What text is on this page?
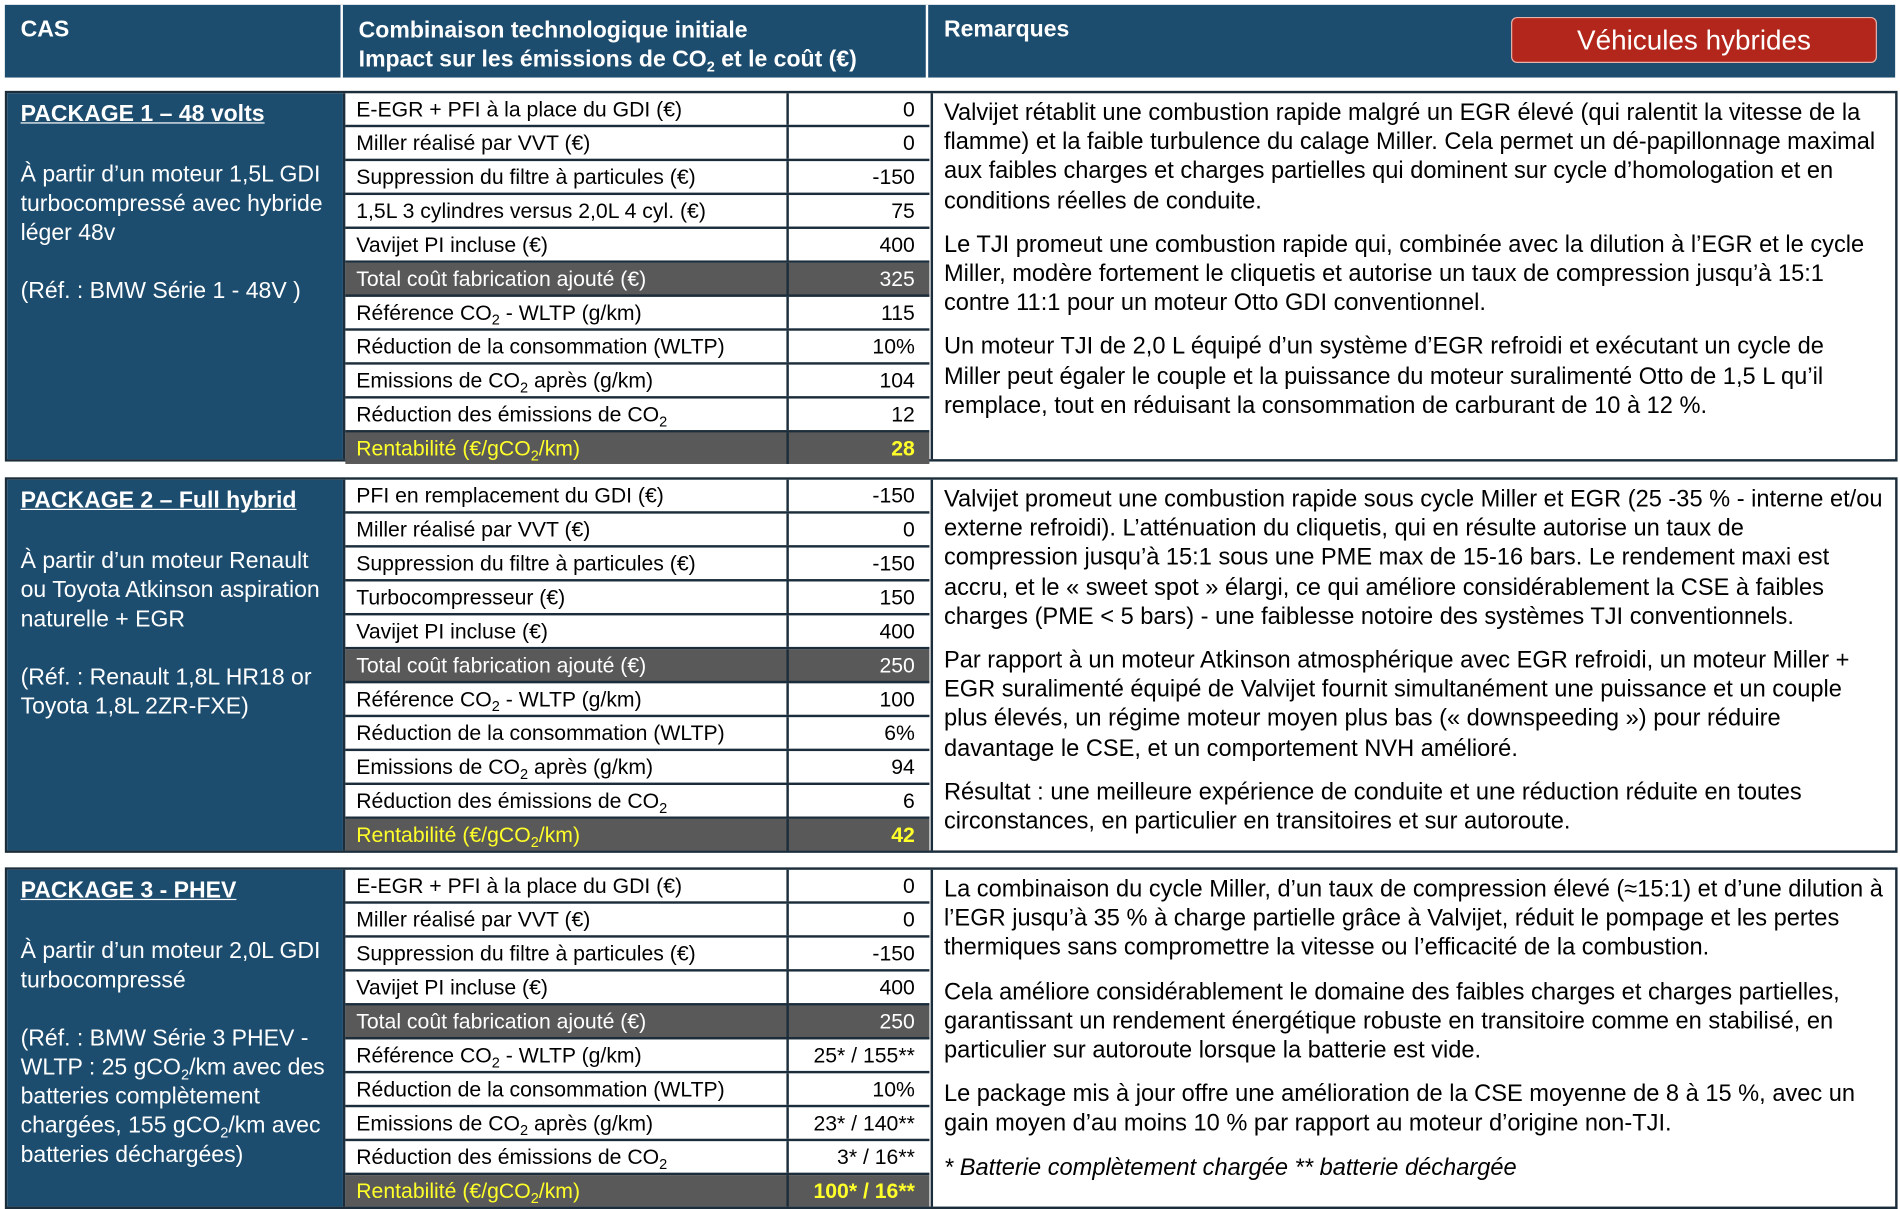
CAS	Combinaison technologique initiale
Impact sur les émissions de $CO_2$ et le coût (€)
Remarques	Véhicules hybrides
PACKAGE 1 – 48 volts

À partir d’un moteur 1,5L GDI turbocompressé avec hybride léger 48v

(Réf. : BMW Série 1 - 48V )

E-EGR + PFI à la place du GDI (€)	0
Miller réalisé par VVT (€)	0
Suppression du filtre à particules (€)	-150
1,5L 3 cylindres versus 2,0L 4 cyl. (€)	75
Vavijet PI incluse (€)	400
Total coût fabrication ajouté (€)	325
Référence $CO_2$ - WLTP (g/km)	115
Réduction de la consommation (WLTP)	10%
Emissions de $CO_2$ après (g/km)	104
Réduction des émissions de $CO_2$	12
Rentabilité (€/gCO$_2$/km)	28

Valvijet rétablit une combustion rapide malgré un EGR élevé (qui ralentit la vitesse de la flamme) et la faible turbulence du calage Miller. Cela permet un dé-papillonnage maximal aux faibles charges et charges partielles qui dominent sur cycle d’homologation et en conditions réelles de conduite.

Le TJI promeut une combustion rapide qui, combinée avec la dilution à l’EGR et le cycle Miller, modère fortement le cliquetis et autorise un taux de compression jusqu’à 15:1 contre 11:1 pour un moteur Otto GDI conventionnel.

Un moteur TJI de 2,0 L équipé d’un système d’EGR refroidi et exécutant un cycle de Miller peut égaler le couple et la puissance du moteur suralimenté Otto de 1,5 L qu’il remplace, tout en réduisant la consommation de carburant de 10 à 12 %.

PACKAGE 2 – Full hybrid

À partir d’un moteur Renault ou Toyota Atkinson aspiration naturelle + EGR

(Réf. : Renault 1,8L HR18 or Toyota 1,8L 2ZR-FXE)

PFI en remplacement du GDI (€)	-150
Miller réalisé par VVT (€)	0
Suppression du filtre à particules (€)	-150
Turbocompresseur (€)	150
Vavijet PI incluse (€)	400
Total coût fabrication ajouté (€)	250
Référence $CO_2$ - WLTP (g/km)	100
Réduction de la consommation (WLTP)	6%
Emissions de $CO_2$ après (g/km)	94
Réduction des émissions de $CO_2$	6
Rentabilité (€/gCO$_2$/km)	42

Valvijet promeut une combustion rapide sous cycle Miller et EGR (25 -35 % - interne et/ou externe refroidi). L’atténuation du cliquetis, qui en résulte autorise un taux de compression jusqu’à 15:1 sous une PME max de 15-16 bars. Le rendement maxi est accru, et le « sweet spot » élargi, ce qui améliore considérablement la CSE à faibles charges (PME < 5 bars) - une faiblesse notoire des systèmes TJI conventionnels.

Par rapport à un moteur Atkinson atmosphérique avec EGR refroidi, un moteur Miller + EGR suralimenté équipé de Valvijet fournit simultanément une puissance et un couple plus élevés, un régime moteur moyen plus bas (« downspeeding ») pour réduire davantage le CSE, et un comportement NVH amélioré.

Résultat : une meilleure expérience de conduite et une réduction réduite en toutes circonstances, en particulier en transitoires et sur autoroute.

PACKAGE 3 - PHEV

À partir d’un moteur 2,0L GDI turbocompressé

(Réf. : BMW Série 3 PHEV - WLTP : 25 gCO$_2$/km avec des batteries complètement chargées, 155 gCO$_2$/km avec batteries déchargées)

E-EGR + PFI à la place du GDI (€)	0
Miller réalisé par VVT (€)	0
Suppression du filtre à particules (€)	-150
Vavijet PI incluse (€)	400
Total coût fabrication ajouté (€)	250
Référence $CO_2$ - WLTP (g/km)	25* / 155**
Réduction de la consommation (WLTP)	10%
Emissions de $CO_2$ après (g/km)	23* / 140**
Réduction des émissions de $CO_2$	3* / 16**
Rentabilité (€/gCO$_2$/km)	100* / 16**

La combinaison du cycle Miller, d’un taux de compression élevé (≈15:1) et d’une dilution à l’EGR jusqu’à 35 % à charge partielle grâce à Valvijet, réduit le pompage et les pertes thermiques sans compromettre la vitesse ou l’efficacité de la combustion.

Cela améliore considérablement le domaine des faibles charges et charges partielles, garantissant un rendement énergétique robuste en transitoire comme en stabilisé, en particulier sur autoroute lorsque la batterie est vide.

Le package mis à jour offre une amélioration de la CSE moyenne de 8 à 15 %, avec un gain moyen d’au moins 10 % par rapport au moteur d’origine non-TJI.

* Batterie complètement chargée ** batterie déchargée
